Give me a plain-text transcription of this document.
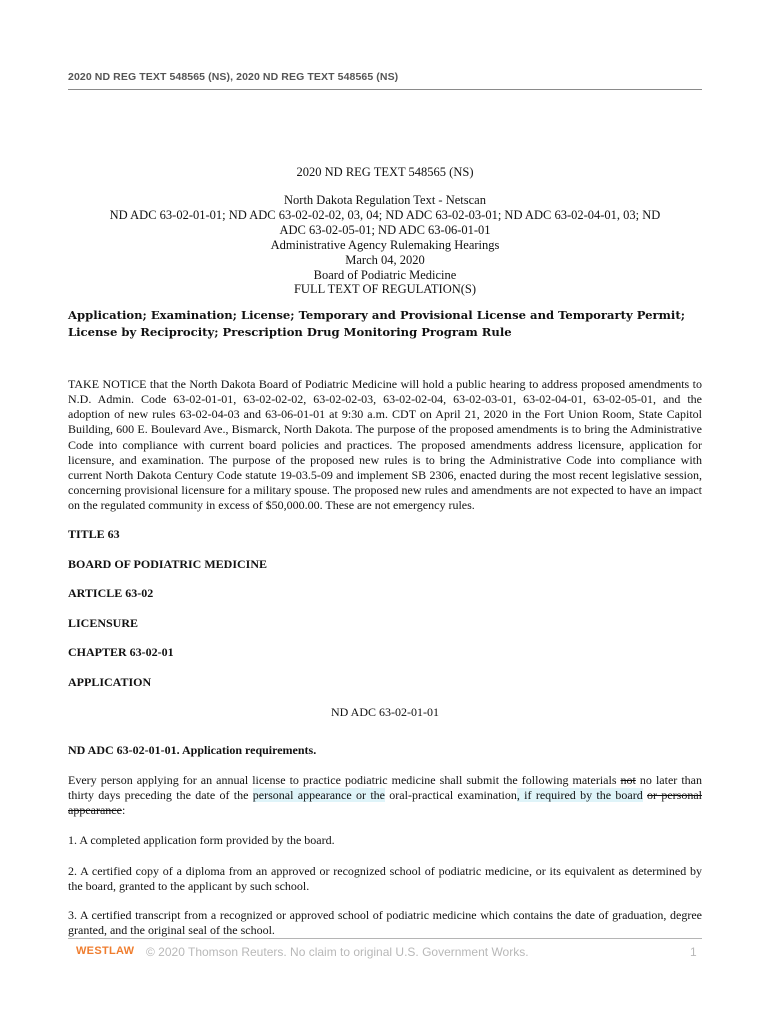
2020 ND REG TEXT 548565 (NS), 2020 ND REG TEXT 548565 (NS)
2020 ND REG TEXT 548565 (NS)
North Dakota Regulation Text - Netscan
ND ADC 63-02-01-01; ND ADC 63-02-02-02, 03, 04; ND ADC 63-02-03-01; ND ADC 63-02-04-01, 03; ND
ADC 63-02-05-01; ND ADC 63-06-01-01
Administrative Agency Rulemaking Hearings
March 04, 2020
Board of Podiatric Medicine
FULL TEXT OF REGULATION(S)
Application; Examination; License; Temporary and Provisional License and Temporarty Permit; License by Reciprocity; Prescription Drug Monitoring Program Rule
TAKE NOTICE that the North Dakota Board of Podiatric Medicine will hold a public hearing to address proposed amendments to N.D. Admin. Code 63-02-01-01, 63-02-02-02, 63-02-02-03, 63-02-02-04, 63-02-03-01, 63-02-04-01, 63-02-05-01, and the adoption of new rules 63-02-04-03 and 63-06-01-01 at 9:30 a.m. CDT on April 21, 2020 in the Fort Union Room, State Capitol Building, 600 E. Boulevard Ave., Bismarck, North Dakota. The purpose of the proposed amendments is to bring the Administrative Code into compliance with current board policies and practices. The proposed amendments address licensure, application for licensure, and examination. The purpose of the proposed new rules is to bring the Administrative Code into compliance with current North Dakota Century Code statute 19-03.5-09 and implement SB 2306, enacted during the most recent legislative session, concerning provisional licensure for a military spouse. The proposed new rules and amendments are not expected to have an impact on the regulated community in excess of $50,000.00. These are not emergency rules.
TITLE 63
BOARD OF PODIATRIC MEDICINE
ARTICLE 63-02
LICENSURE
CHAPTER 63-02-01
APPLICATION
ND ADC 63-02-01-01
ND ADC 63-02-01-01. Application requirements.
Every person applying for an annual license to practice podiatric medicine shall submit the following materials not no later than thirty days preceding the date of the personal appearance or the oral-practical examination, if required by the board or personal appearance:
1. A completed application form provided by the board.
2. A certified copy of a diploma from an approved or recognized school of podiatric medicine, or its equivalent as determined by the board, granted to the applicant by such school.
3. A certified transcript from a recognized or approved school of podiatric medicine which contains the date of graduation, degree granted, and the original seal of the school.
WESTLAW © 2020 Thomson Reuters. No claim to original U.S. Government Works.	1
